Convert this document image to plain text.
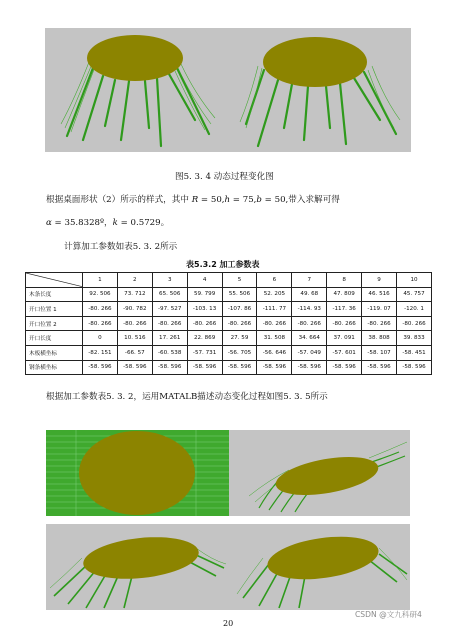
图5. 3. 4 动态过程变化图
根据桌面形状（2）所示的样式，其中 R = 50,h = 75,b = 50,带入求解可得
α = 35.8328º，k = 0.5729。
计算加工参数如表5. 3. 2所示
表5.3.2 加工参数表
	1	2	3	4	5	6	7	8	9	10
木条长度	92. 506	73. 712	65. 506	59. 799	55. 506	52. 205	49. 68	47. 809	46. 516	45. 757
开口位置 1	-80. 266	-90. 782	-97. 527	-103. 13	-107. 86	-111. 77	-114. 93	-117. 36	-119. 07	-120. 1
开口位置 2	-80. 266	-80. 266	-80. 266	-80. 266	-80. 266	-80. 266	-80. 266	-80. 266	-80. 266	-80. 266
开口长度	0	10. 516	17. 261	22. 869	27. 59	31. 508	34. 664	37. 091	38. 808	39. 833
木板横坐标	-82. 151	-66. 57	-60. 538	-57. 731	-56. 705	-56. 646	-57. 049	-57. 601	-58. 107	-58. 451
钢条横坐标	-58. 596	-58. 596	-58. 596	-58. 596	-58. 596	-58. 596	-58. 596	-58. 596	-58. 596	-58. 596
根据加工参数表5. 3. 2，运用MATALB描述动态变化过程如图5. 3. 5所示
CSDN @文九科研4
20
